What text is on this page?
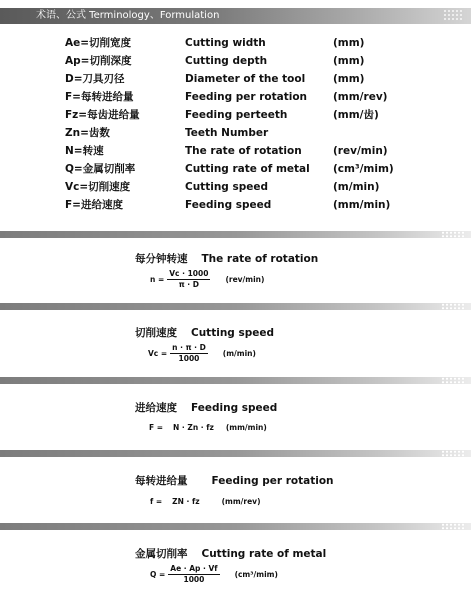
术语、公式 Terminology、Formulation
Ae=切削宽度	Cutting width	(mm)
Ap=切削深度	Cutting depth	(mm)
D=刀具刃径	Diameter of the tool	(mm)
F=每转进给量	Feeding per rotation (mm/rev)
Fz=每齿进给量	Feeding perteeth	(mm/齿)
Zn=齿数	Teeth Number
N=转速	The rate of rotation	(rev/min)
Q=金属切削率	Cutting rate of metal (cm³/mim)
Vc=切削速度	Cutting speed	(m/min)
F=进给速度	Feeding speed	(mm/min)
每分钟转速 The rate of rotation
$n = \frac{Vc \cdot 1000}{\pi \cdot D} (rev/\min)$
切削速度 Cutting speed
$Vc = \frac{n \cdot \pi \cdot D}{1000} (m/\min)$
进给速度 Feeding speed
F = N · Zn · fz (mm/min)
每转进给量 Feeding per rotation
f = ZN · fz	(mm/rev)
金属切削率 Cutting rate of metal
$Q = \frac{Ae \cdot Ap \cdot Vf}{1000} (cm^3/mim)$
